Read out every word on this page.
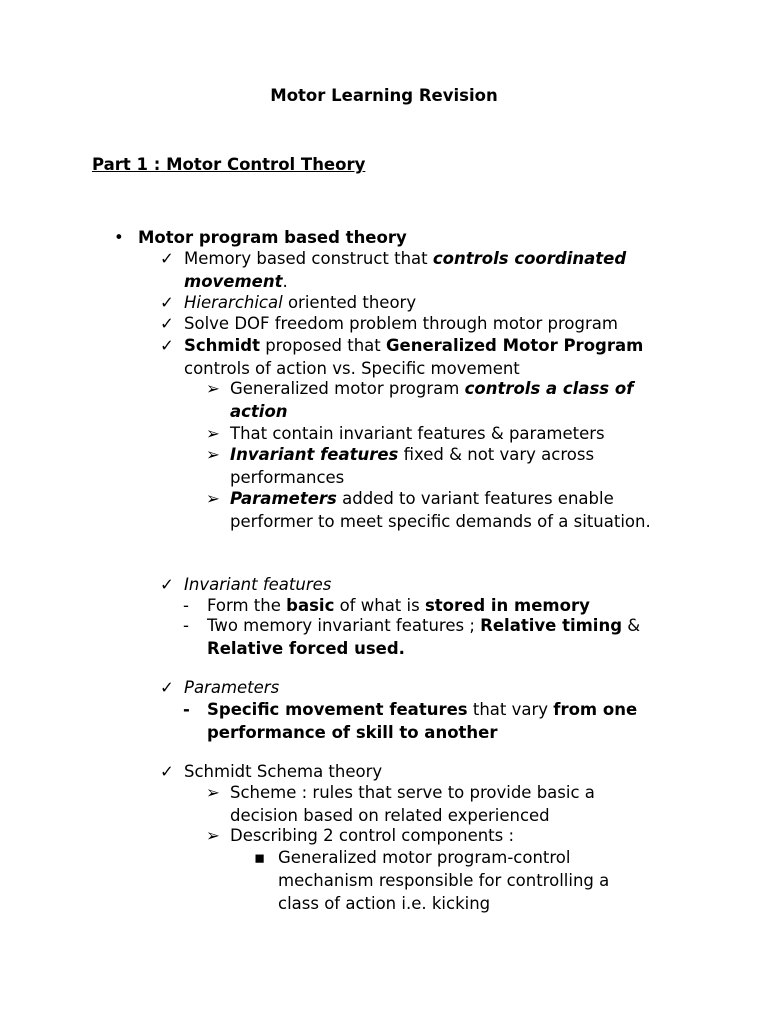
Motor Learning Revision
Part 1 : Motor Control Theory
• Motor program based theory
✓ Memory based construct that controls coordinated movement.
✓ Hierarchical oriented theory
✓ Solve DOF freedom problem through motor program
✓ Schmidt proposed that Generalized Motor Program controls of action vs. Specific movement
➢ Generalized motor program controls a class of action
➢ That contain invariant features & parameters
➢ Invariant features fixed & not vary across performances
➢ Parameters added to variant features enable performer to meet specific demands of a situation.
✓ Invariant features
-	Form the basic of what is stored in memory
-	Two memory invariant features ; Relative timing & Relative forced used.
✓ Parameters
-	Specific movement features that vary from one performance of skill to another
✓ Schmidt Schema theory
➢ Scheme : rules that serve to provide basic a decision based on related experienced
➢ Describing 2 control components :
▪ Generalized motor program-control mechanism responsible for controlling a class of action i.e. kicking
